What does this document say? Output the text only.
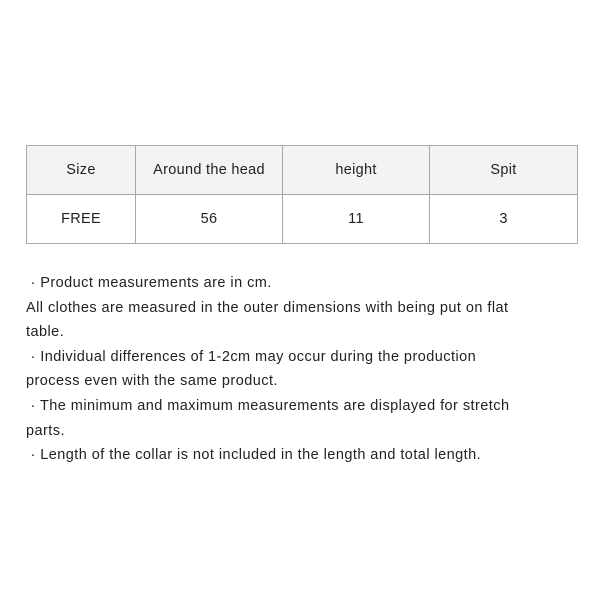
Size	Around the head	height	Spit
FREE	56	11	3
· Product measurements are in cm.
All clothes are measured in the outer dimensions with being put on flat
table.
· Individual differences of 1-2cm may occur during the production
process even with the same product.
· The minimum and maximum measurements are displayed for stretch
parts.
· Length of the collar is not included in the length and total length.
